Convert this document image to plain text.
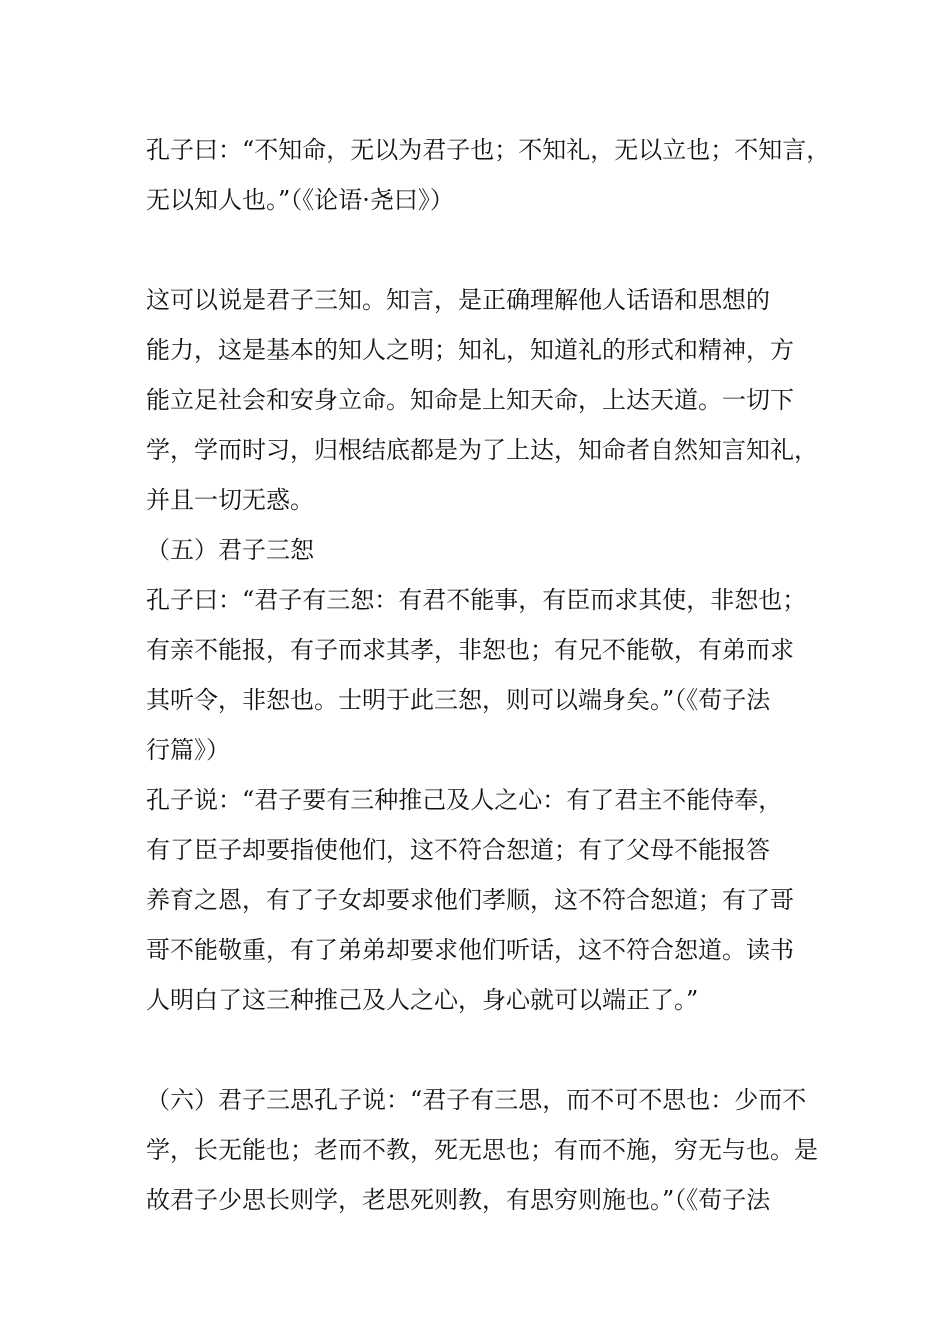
孔子曰：“不知命，无以为君子也；不知礼，无以立也；不知言，
无以知人也。”（《论语·尧曰》）
这可以说是君子三知。知言，是正确理解他人话语和思想的
能力，这是基本的知人之明；知礼，知道礼的形式和精神，方
能立足社会和安身立命。知命是上知天命，上达天道。一切下
学，学而时习，归根结底都是为了上达，知命者自然知言知礼，
并且一切无惑。
（五）君子三恕
孔子曰：“君子有三恕：有君不能事，有臣而求其使，非恕也；
有亲不能报，有子而求其孝，非恕也；有兄不能敬，有弟而求
其听令，非恕也。士明于此三恕，则可以端身矣。”（《荀子法
行篇》）
孔子说：“君子要有三种推己及人之心：有了君主不能侍奉，
有了臣子却要指使他们，这不符合恕道；有了父母不能报答
养育之恩，有了子女却要求他们孝顺，这不符合恕道；有了哥
哥不能敬重，有了弟弟却要求他们听话，这不符合恕道。读书
人明白了这三种推己及人之心，身心就可以端正了。”
（六）君子三思孔子说：“君子有三思，而不可不思也：少而不
学，长无能也；老而不教，死无思也；有而不施，穷无与也。是
故君子少思长则学，老思死则教，有思穷则施也。”（《荀子法
